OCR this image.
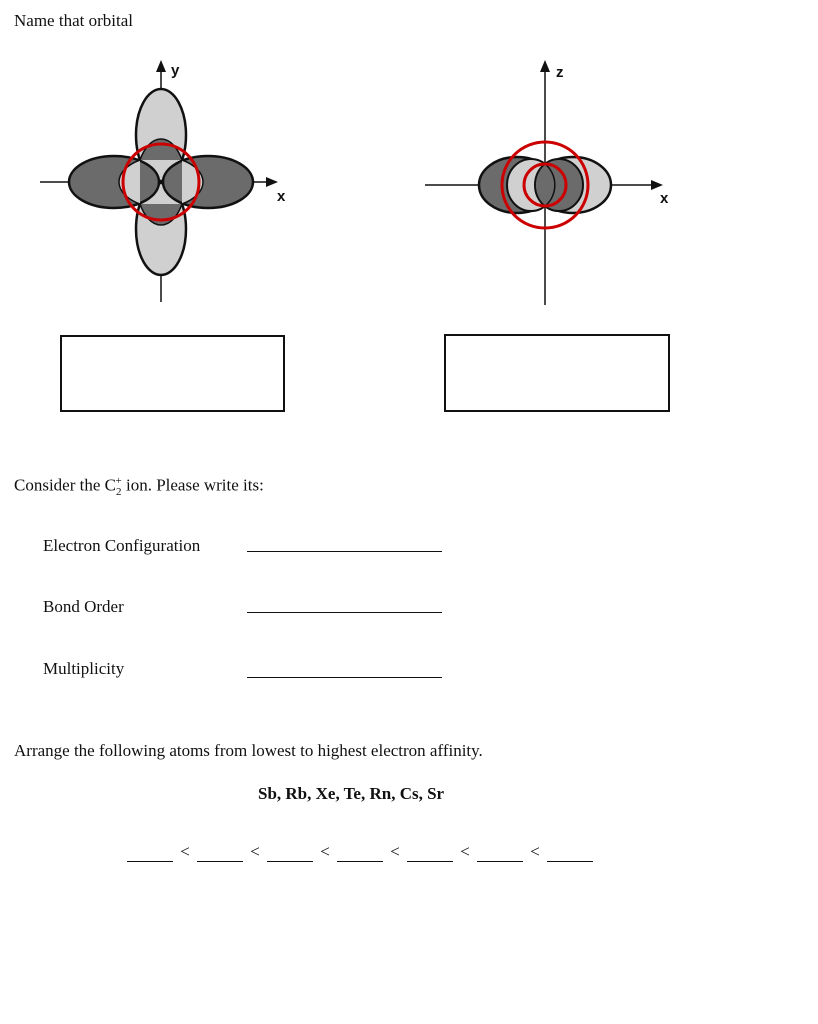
Name that orbital
y
x
z
x
Consider the $C_2^+$ ion. Please write its:
Electron Configuration
Bond Order
Multiplicity
Arrange the following atoms from lowest to highest electron affinity.
Sb, Rb, Xe, Te, Rn, Cs, Sr
<	<	<	<	<	<
